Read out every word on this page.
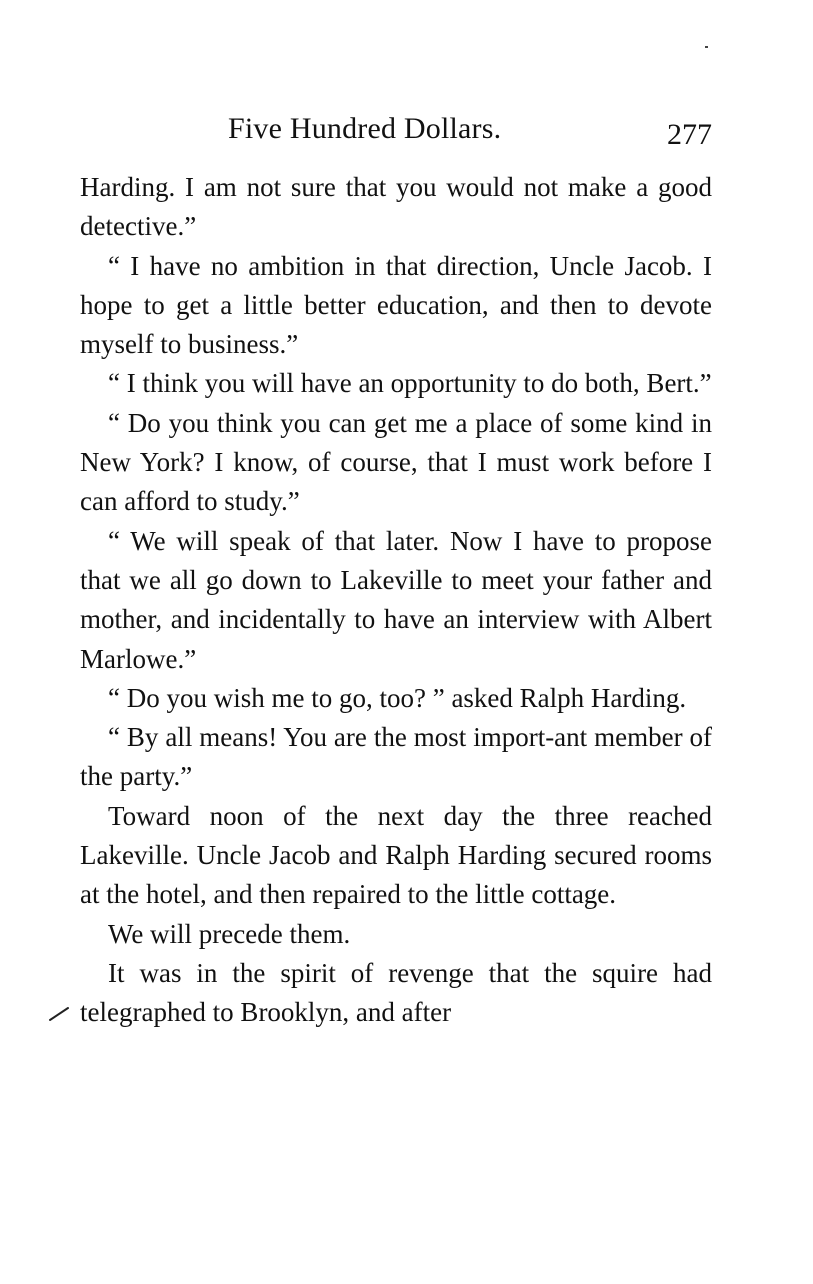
Five Hundred Dollars.	277

Harding. I am not sure that you would not make a good detective.”

“ I have no ambition in that direction, Uncle Jacob. I hope to get a little better education, and then to devote myself to business.”

“ I think you will have an opportunity to do both, Bert.”

“ Do you think you can get me a place of some kind in New York? I know, of course, that I must work before I can afford to study.”

“ We will speak of that later. Now I have to propose that we all go down to Lakeville to meet your father and mother, and incidentally to have an interview with Albert Marlowe.”

“ Do you wish me to go, too? ” asked Ralph Harding.

“ By all means! You are the most import-ant member of the party.”

Toward noon of the next day the three reached Lakeville. Uncle Jacob and Ralph Harding secured rooms at the hotel, and then repaired to the little cottage.

We will precede them.

It was in the spirit of revenge that the squire had telegraphed to Brooklyn, and after
